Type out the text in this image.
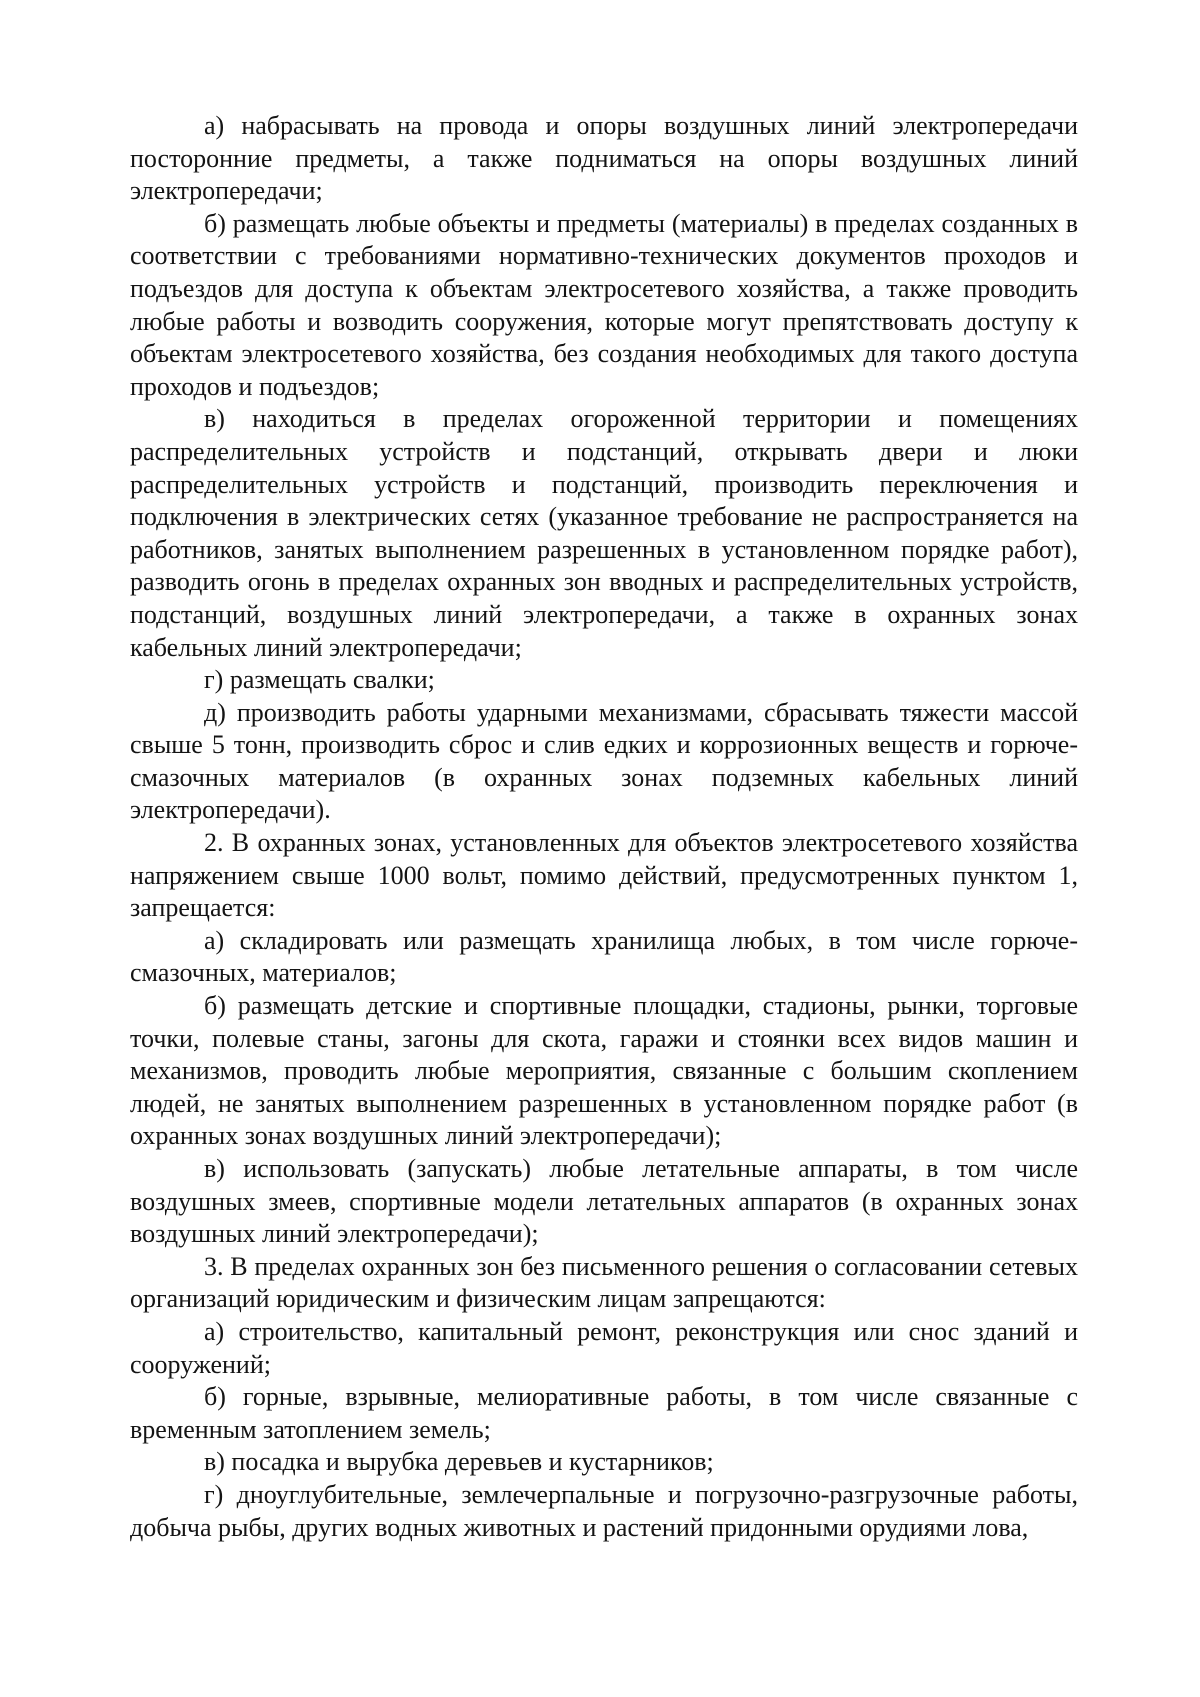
а) набрасывать на провода и опоры воздушных линий электропередачи посторонние предметы, а также подниматься на опоры воздушных линий электропередачи;

б) размещать любые объекты и предметы (материалы) в пределах созданных в соответствии с требованиями нормативно-технических документов проходов и подъездов для доступа к объектам электросетевого хозяйства, а также проводить любые работы и возводить сооружения, которые могут препятствовать доступу к объектам электросетевого хозяйства, без создания необходимых для такого доступа проходов и подъездов;

в) находиться в пределах огороженной территории и помещениях распределительных устройств и подстанций, открывать двери и люки распределительных устройств и подстанций, производить переключения и подключения в электрических сетях (указанное требование не распространяется на работников, занятых выполнением разрешенных в установленном порядке работ), разводить огонь в пределах охранных зон вводных и распределительных устройств, подстанций, воздушных линий электропередачи, а также в охранных зонах кабельных линий электропередачи;

г) размещать свалки;

д) производить работы ударными механизмами, сбрасывать тяжести массой свыше 5 тонн, производить сброс и слив едких и коррозионных веществ и горюче-смазочных материалов (в охранных зонах подземных кабельных линий электропередачи).

2. В охранных зонах, установленных для объектов электросетевого хозяйства напряжением свыше 1000 вольт, помимо действий, предусмотренных пунктом 1, запрещается:

а) складировать или размещать хранилища любых, в том числе горюче-смазочных, материалов;

б) размещать детские и спортивные площадки, стадионы, рынки, торговые точки, полевые станы, загоны для скота, гаражи и стоянки всех видов машин и механизмов, проводить любые мероприятия, связанные с большим скоплением людей, не занятых выполнением разрешенных в установленном порядке работ (в охранных зонах воздушных линий электропередачи);

в) использовать (запускать) любые летательные аппараты, в том числе воздушных змеев, спортивные модели летательных аппаратов (в охранных зонах воздушных линий электропередачи);

3. В пределах охранных зон без письменного решения о согласовании сетевых организаций юридическим и физическим лицам запрещаются:

а) строительство, капитальный ремонт, реконструкция или снос зданий и сооружений;

б) горные, взрывные, мелиоративные работы, в том числе связанные с временным затоплением земель;

в) посадка и вырубка деревьев и кустарников;

г) дноуглубительные, землечерпальные и погрузочно-разгрузочные работы, добыча рыбы, других водных животных и растений придонными орудиями лова,
